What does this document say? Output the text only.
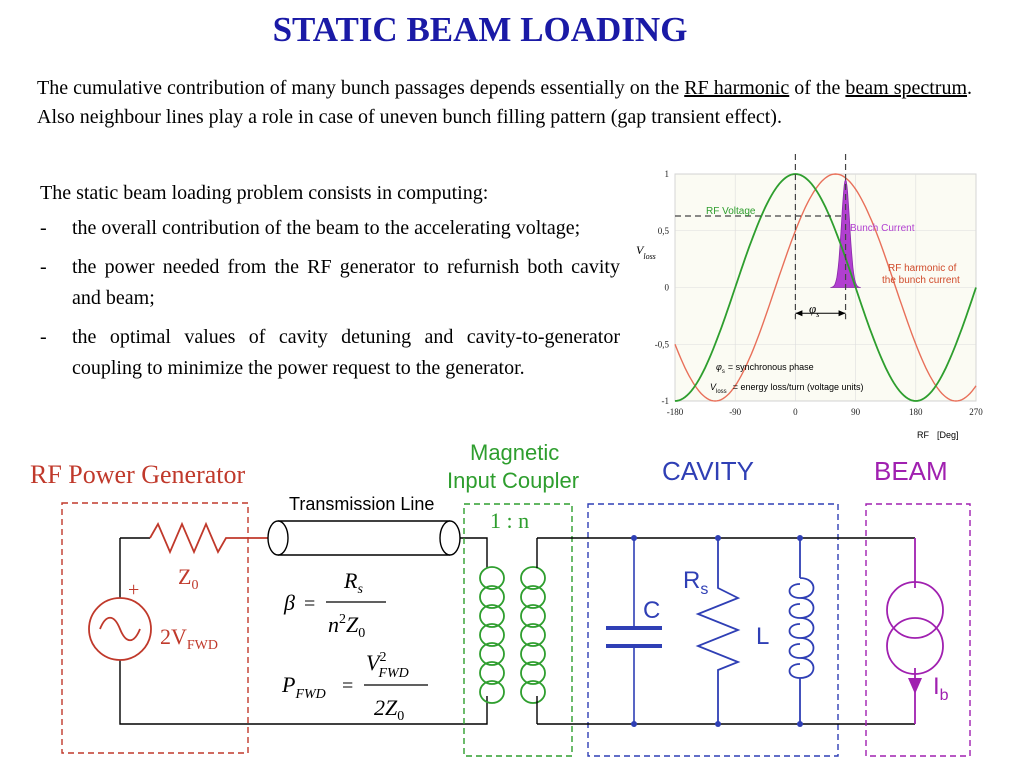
STATIC BEAM LOADING
The cumulative contribution of many bunch passages depends essentially on the RF harmonic of the beam spectrum. Also neighbour lines play a role in case of uneven bunch filling pattern (gap transient effect).
The static beam loading problem consists in computing:
- the overall contribution of the beam to the accelerating voltage;
- the power needed from the RF generator to refurnish both cavity and beam;
- the optimal values of cavity detuning and cavity-to-generator coupling to minimize the power request to the generator.
-180	-90	0	90	180	270
1
0,5
0
-0,5
-1
RF Voltage
Bunch Current
RF harmonic of
the bunch current
$V_{loss}$
$\varphi_s$
$\varphi_s$ = synchronous phase
$V_{loss}$ = energy loss/turn (voltage units)
RF [Deg]
RF Power Generator
$Z_0$
+
$2V_{FWD}$
Transmission Line
Magnetic
Input Coupler
1 : n
CAVITY
C
$R_s$
L
BEAM
$I_b$
β =
$R_s$
$n^2Z_0$
$P_{FWD}$ =
$V^2$ FWD
$2Z_0$
